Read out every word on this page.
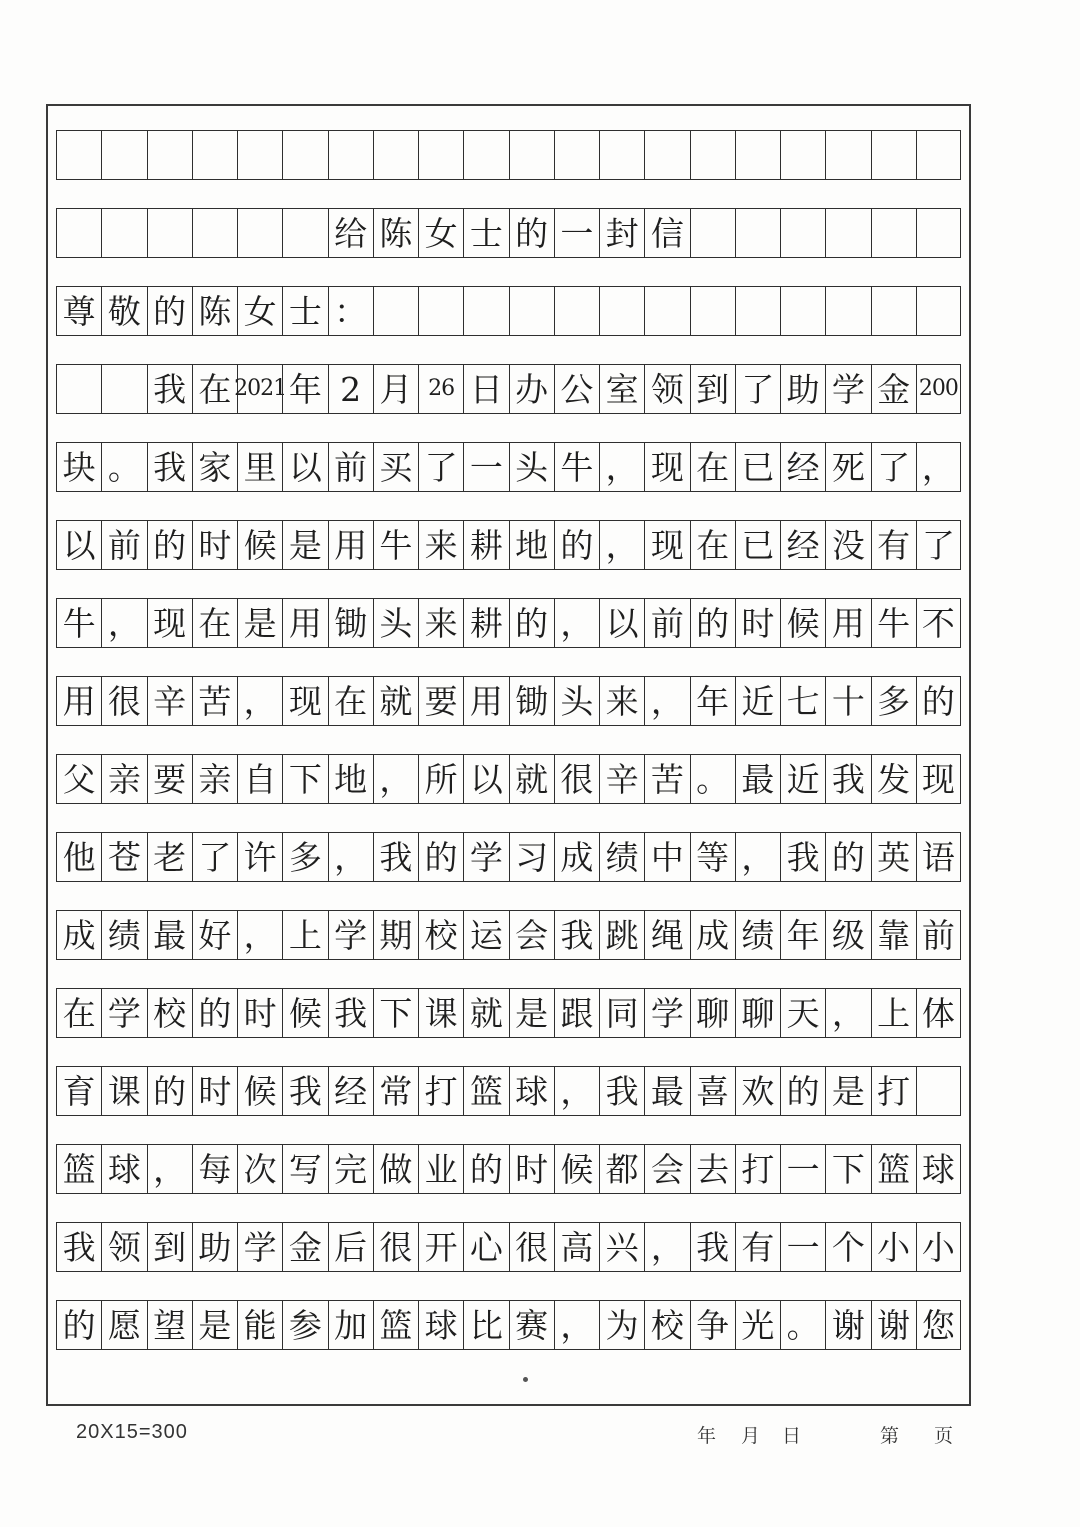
给 陈 女 士 的 一 封 信
尊 敬 的 陈 女 士 ：
我 在 2021 年 2 月 26 日 办 公 室 领 到 了 助 学 金 200
块 。 我 家 里 以 前 买 了 一 头 牛 ， 现 在 已 经 死 了 ，
以 前 的 时 候 是 用 牛 来 耕 地 的 ， 现 在 已 经 没 有 了
牛 ， 现 在 是 用 锄 头 来 耕 的 ， 以 前 的 时 候 用 牛 不
用 很 辛 苦 ， 现 在 就 要 用 锄 头 来 ， 年 近 七 十 多 的
父 亲 要 亲 自 下 地 ， 所 以 就 很 辛 苦 。 最 近 我 发 现
他 苍 老 了 许 多 ， 我 的 学 习 成 绩 中 等 ， 我 的 英 语
成 绩 最 好 ， 上 学 期 校 运 会 我 跳 绳 成 绩 年 级 靠 前
在 学 校 的 时 候 我 下 课 就 是 跟 同 学 聊 聊 天 ， 上 体
育 课 的 时 候 我 经 常 打 篮 球 ， 我 最 喜 欢 的 是 打
篮 球 ， 每 次 写 完 做 业 的 时 候 都 会 去 打 一 下 篮 球
我 领 到 助 学 金 后 很 开 心 很 高 兴 ， 我 有 一 个 小 小
的 愿 望 是 能 参 加 篮 球 比 赛 ， 为 校 争 光 。 谢 谢 您
20X15=300	年 月 日	第 页
